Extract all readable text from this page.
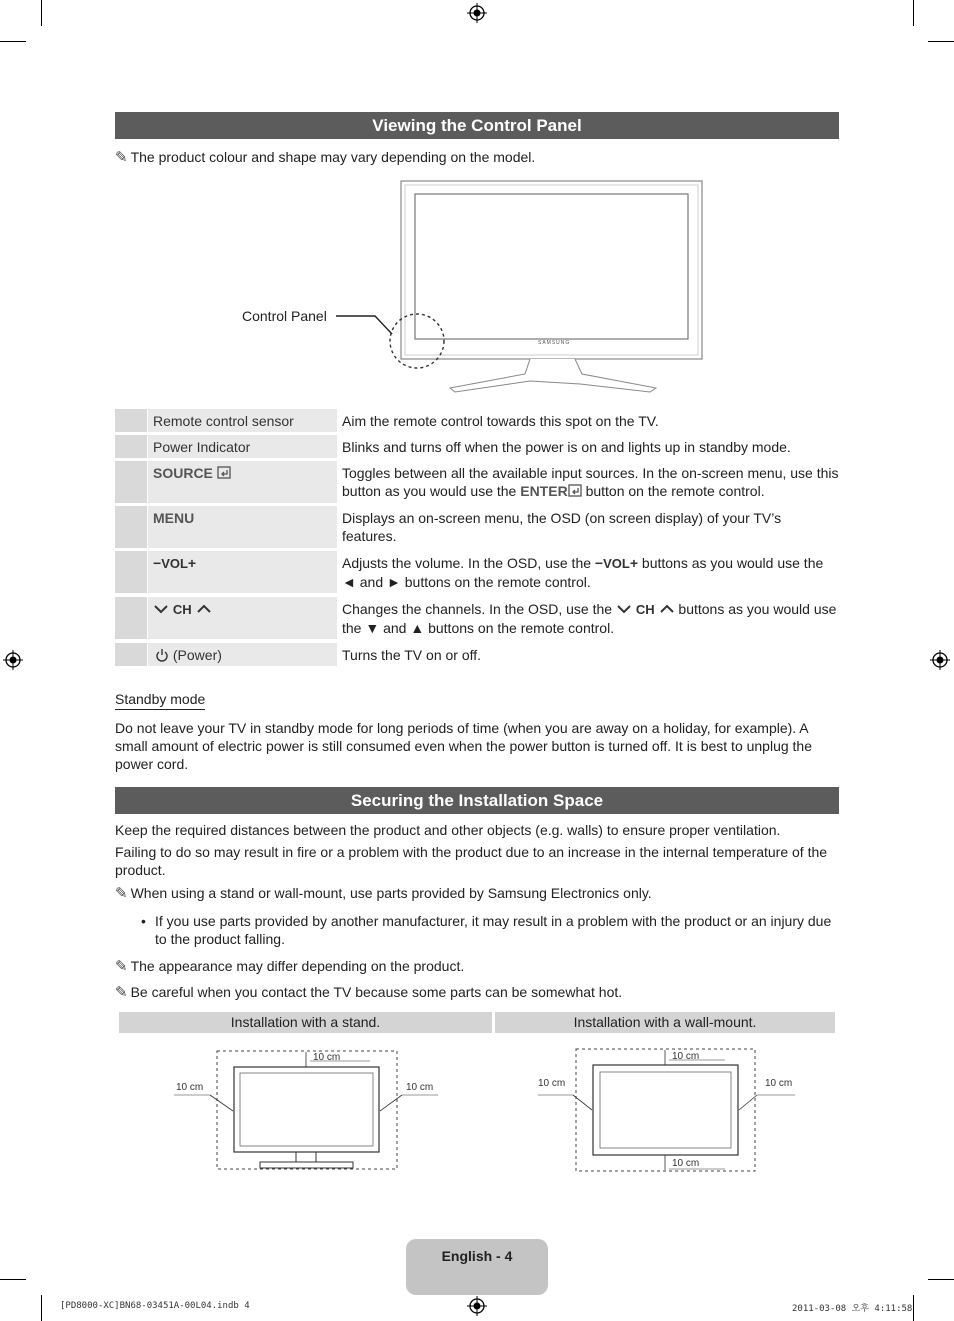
Viewing the Control Panel
✎ The product colour and shape may vary depending on the model.
SAMSUNG
Control Panel
Remote control sensor	Aim the remote control towards this spot on the TV.
Power Indicator	Blinks and turns off when the power is on and lights up in standby mode.
SOURCE	Toggles between all the available input sources. In the on-screen menu, use this button as you would use the ENTER button on the remote control.
MENU	Displays an on-screen menu, the OSD (on screen display) of your TV’s features.
−VOL+	Adjusts the volume. In the OSD, use the −VOL+ buttons as you would use the ◄ and ► buttons on the remote control.
CH	Changes the channels. In the OSD, use the CH buttons as you would use the ▼ and ▲ buttons on the remote control.
(Power)	Turns the TV on or off.
Standby mode
Do not leave your TV in standby mode for long periods of time (when you are away on a holiday, for example). A small amount of electric power is still consumed even when the power button is turned off. It is best to unplug the power cord.
Securing the Installation Space
Keep the required distances between the product and other objects (e.g. walls) to ensure proper ventilation.
Failing to do so may result in fire or a problem with the product due to an increase in the internal temperature of the product.
✎ When using a stand or wall-mount, use parts provided by Samsung Electronics only.
• If you use parts provided by another manufacturer, it may result in a problem with the product or an injury due to the product falling.
✎ The appearance may differ depending on the product.
✎ Be careful when you contact the TV because some parts can be somewhat hot.
Installation with a stand.	Installation with a wall-mount.
10 cm
10 cm	10 cm
10 cm
10 cm	10 cm
10 cm
English - 4
[PD8000-XC]BN68-03451A-00L04.indb 4	2011-03-08 오후 4:11:58
